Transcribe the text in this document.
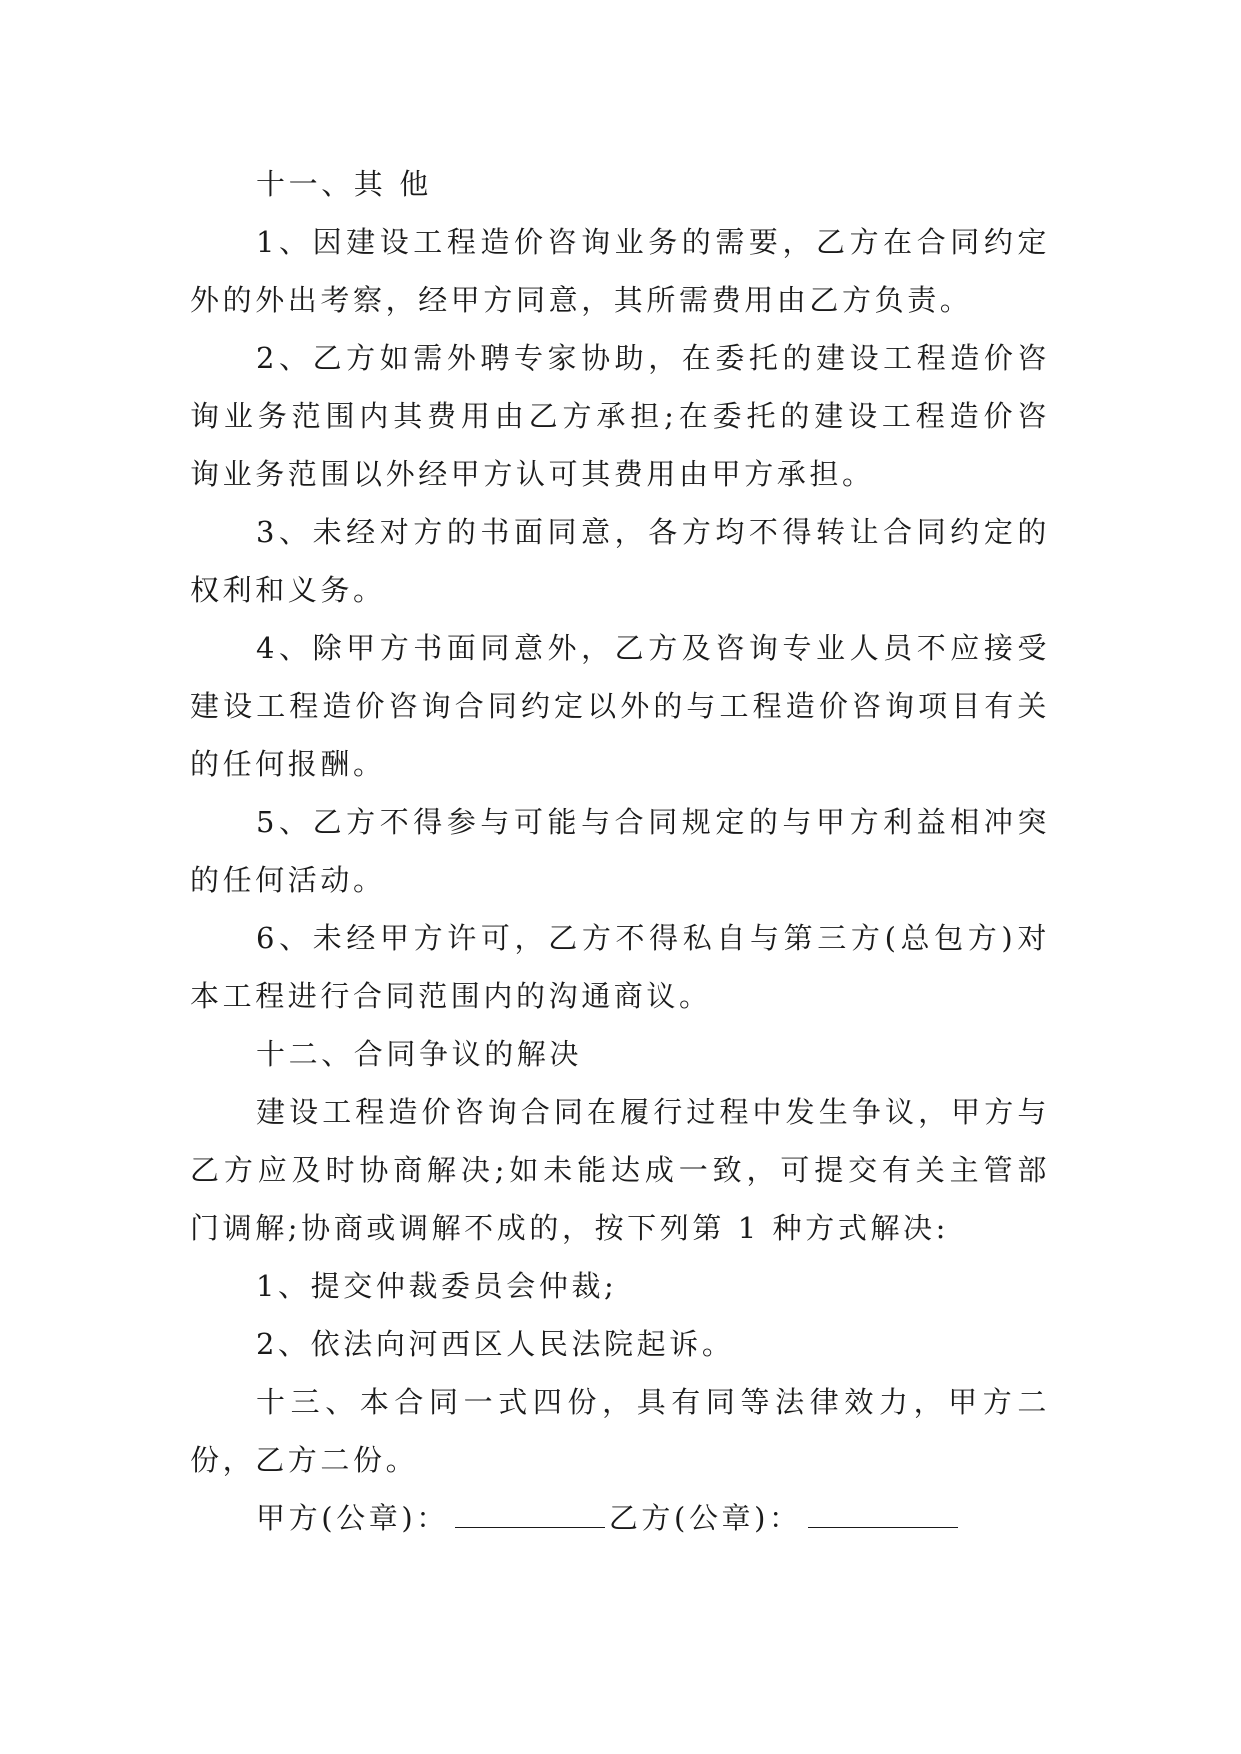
十一、其 他

1、因建设工程造价咨询业务的需要，乙方在合同约定外的外出考察，经甲方同意，其所需费用由乙方负责。

2、乙方如需外聘专家协助，在委托的建设工程造价咨询业务范围内其费用由乙方承担;在委托的建设工程造价咨询业务范围以外经甲方认可其费用由甲方承担。

3、未经对方的书面同意，各方均不得转让合同约定的权利和义务。

4、除甲方书面同意外，乙方及咨询专业人员不应接受建设工程造价咨询合同约定以外的与工程造价咨询项目有关的任何报酬。

5、乙方不得参与可能与合同规定的与甲方利益相冲突的任何活动。

6、未经甲方许可，乙方不得私自与第三方(总包方)对本工程进行合同范围内的沟通商议。

十二、合同争议的解决

建设工程造价咨询合同在履行过程中发生争议，甲方与乙方应及时协商解决;如未能达成一致，可提交有关主管部门调解;协商或调解不成的，按下列第 1 种方式解决:

1、提交仲裁委员会仲裁;

2、依法向河西区人民法院起诉。

十三、本合同一式四份，具有同等法律效力，甲方二份，乙方二份。

甲方(公章)：	乙方(公章)：
